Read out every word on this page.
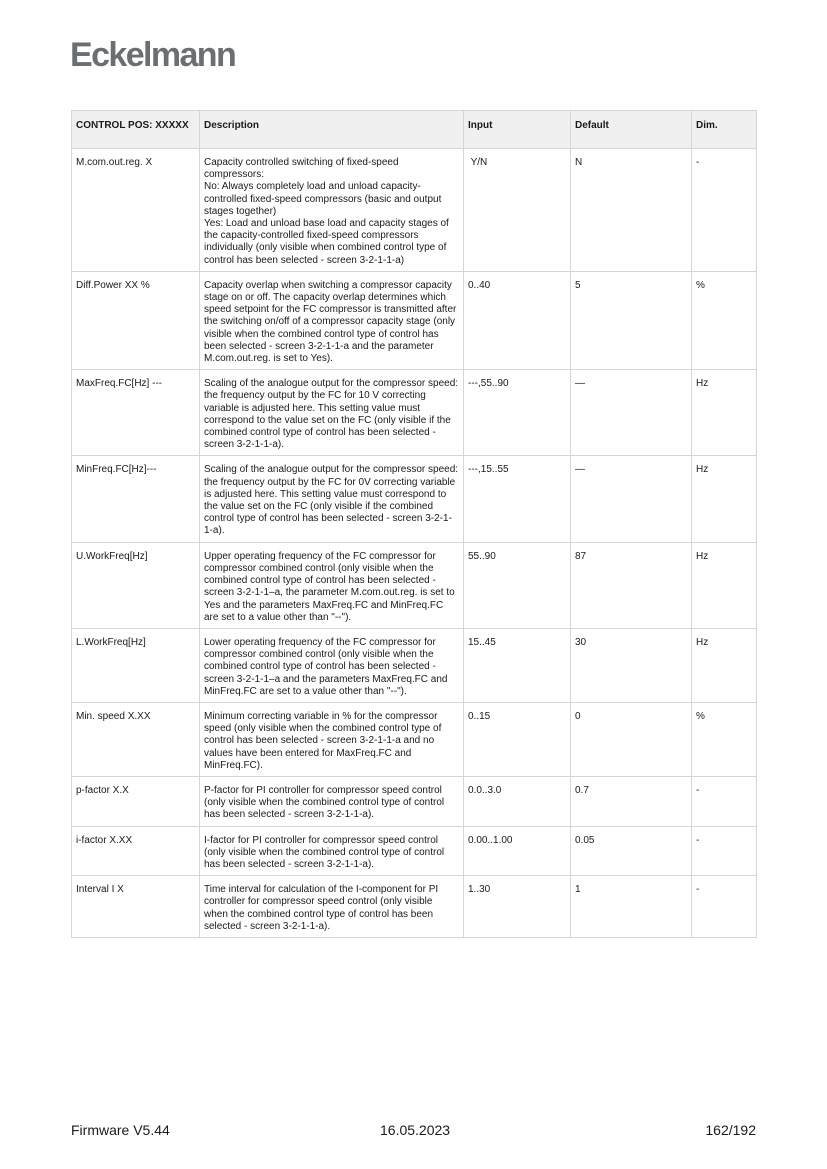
Eckelmann
CONTROL POS: XXXXX	Description	Input	Default	Dim.
M.com.out.reg. X	Capacity controlled switching of fixed-speed compressors:
No: Always completely load and unload capacity-controlled fixed-speed compressors (basic and output stages together)
Yes: Load and unload base load and capacity stages of the capacity-controlled fixed-speed compressors individually (only visible when combined control type of control has been selected - screen 3-2-1-1-a)	Y/N	N	-
Diff.Power XX %	Capacity overlap when switching a compressor capacity stage on or off. The capacity overlap determines which speed setpoint for the FC compressor is transmitted after the switching on/off of a compressor capacity stage (only visible when the combined control type of control has been selected - screen 3-2-1-1-a and the parameter M.com.out.reg. is set to Yes).	0..40	5	%
MaxFreq.FC[Hz] ---	Scaling of the analogue output for the compressor speed: the frequency output by the FC for 10 V correcting variable is adjusted here. This setting value must correspond to the value set on the FC (only visible if the combined control type of control has been selected - screen 3-2-1-1-a).	---,55..90	—	Hz
MinFreq.FC[Hz]---	Scaling of the analogue output for the compressor speed: the frequency output by the FC for 0V correcting variable is adjusted here. This setting value must correspond to the value set on the FC (only visible if the combined control type of control has been selected - screen 3-2-1-1-a).	---,15..55	—	Hz
U.WorkFreq[Hz]	Upper operating frequency of the FC compressor for compressor combined control (only visible when the combined control type of control has been selected - screen 3-2-1-1–a, the parameter M.com.out.reg. is set to Yes and the parameters MaxFreq.FC and MinFreq.FC are set to a value other than "--").	55..90	87	Hz
L.WorkFreq[Hz]	Lower operating frequency of the FC compressor for compressor combined control (only visible when the combined control type of control has been selected - screen 3-2-1-1–a and the parameters MaxFreq.FC and MinFreq.FC are set to a value other than "--").	15..45	30	Hz
Min. speed X.XX	Minimum correcting variable in % for the compressor speed (only visible when the combined control type of control has been selected - screen 3-2-1-1-a and no values have been entered for MaxFreq.FC and MinFreq.FC).	0..15	0	%
p-factor X.X	P-factor for PI controller for compressor speed control (only visible when the combined control type of control has been selected - screen 3-2-1-1-a).	0.0..3.0	0.7	-
i-factor X.XX	I-factor for PI controller for compressor speed control (only visible when the combined control type of control has been selected - screen 3-2-1-1-a).	0.00..1.00	0.05	-
Interval I X	Time interval for calculation of the I-component for PI controller for compressor speed control (only visible when the combined control type of control has been selected - screen 3-2-1-1-a).	1..30	1	-
Firmware V5.44	16.05.2023	162/192
